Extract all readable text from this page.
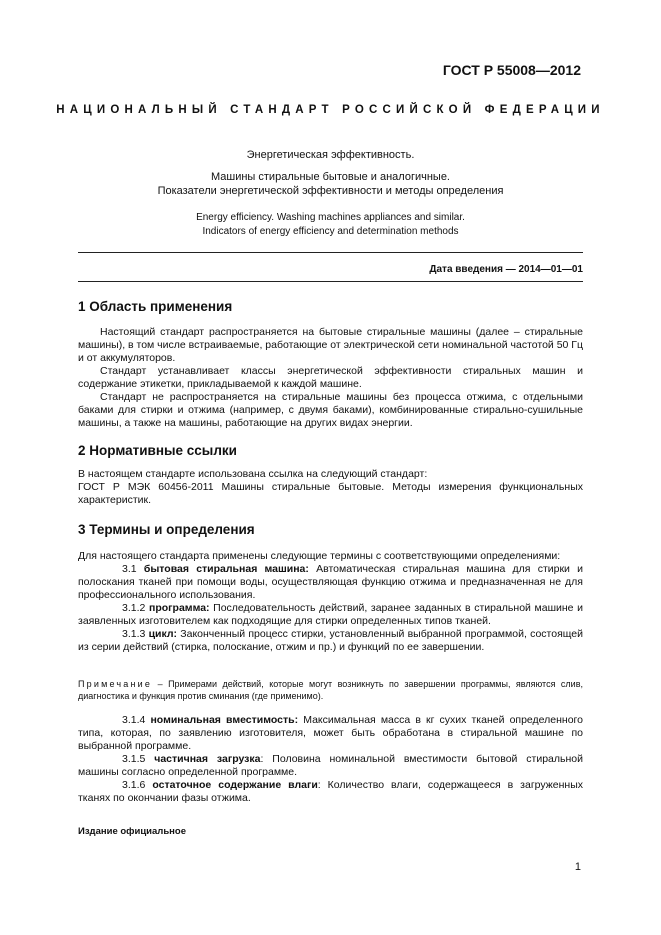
ГОСТ Р 55008—2012
НАЦИОНАЛЬНЫЙ СТАНДАРТ РОССИЙСКОЙ ФЕДЕРАЦИИ
Энергетическая эффективность.
Машины стиральные бытовые и аналогичные.
Показатели энергетической эффективности и методы определения
Energy efficiency. Washing machines appliances and similar.
Indicators of energy efficiency and determination methods
Дата введения — 2014—01—01
1 Область применения

Настоящий стандарт распространяется на бытовые стиральные машины (далее – стиральные машины), в том числе встраиваемые, работающие от электрической сети номинальной частотой 50 Гц и от аккумуляторов.

Стандарт устанавливает классы энергетической эффективности стиральных машин и содержание этикетки, прикладываемой к каждой машине.

Стандарт не распространяется на стиральные машины без процесса отжима, с отдельными баками для стирки и отжима (например, с двумя баками), комбинированные стирально-сушильные машины, а также на машины, работающие на других видах энергии.

2 Нормативные ссылки

В настоящем стандарте использована ссылка на следующий стандарт:

ГОСТ Р МЭК 60456-2011 Машины стиральные бытовые. Методы измерения функциональных характеристик.

3 Термины и определения

Для настоящего стандарта применены следующие термины с соответствующими определениями:

3.1 бытовая стиральная машина: Автоматическая стиральная машина для стирки и полоскания тканей при помощи воды, осуществляющая функцию отжима и предназначенная не для профессионального использования.

3.1.2 программа: Последовательность действий, заранее заданных в стиральной машине и заявленных изготовителем как подходящие для стирки определенных типов тканей.

3.1.3 цикл: Законченный процесс стирки, установленный выбранной программой, состоящей из серии действий (стирка, полоскание, отжим и пр.) и функций по ее завершении.

Примечание – Примерами действий, которые могут возникнуть по завершении программы, являются слив, диагностика и функция против сминания (где применимо).

3.1.4 номинальная вместимость: Максимальная масса в кг сухих тканей определенного типа, которая, по заявлению изготовителя, может быть обработана в стиральной машине по выбранной программе.

3.1.5 частичная загрузка: Половина номинальной вместимости бытовой стиральной машины согласно определенной программе.

3.1.6 остаточное содержание влаги: Количество влаги, содержащееся в загруженных тканях по окончании фазы отжима.

Издание официальное
1
